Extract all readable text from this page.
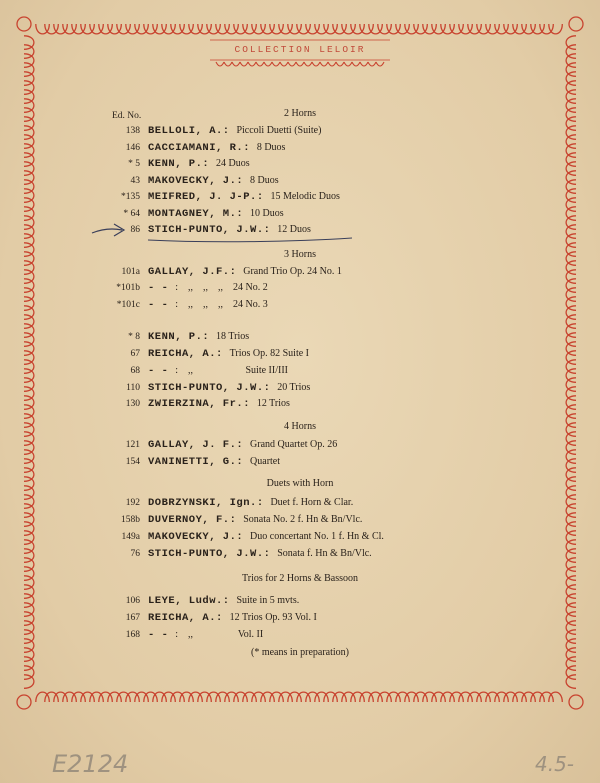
COLLECTION LELOIR
Ed. No.	2 Horns
138 BELLOLI, A.: Piccoli Duetti (Suite)
146 CACCIAMANI, R.: 8 Duos
* 5 KENN, P.: 24 Duos
43 MAKOVECKY, J.: 8 Duos
*135 MEIFRED, J. J-P.: 15 Melodic Duos
* 64 MONTAGNEY, M.: 10 Duos
86 STICH-PUNTO, J.W.: 12 Duos
3 Horns
101a GALLAY, J.F.: Grand Trio Op. 24 No. 1
*101b - - :    ,,    ,,    ,,    24 No. 2
*101c - - :    ,,    ,,    ,,    24 No. 3
* 8 KENN, P.: 18 Trios
67 REICHA, A.: Trios Op. 82 Suite I
68 - - :    ,,                     Suite II/III
110 STICH-PUNTO, J.W.: 20 Trios
130 ZWIERZINA, Fr.: 12 Trios
4 Horns
121 GALLAY, J. F.: Grand Quartet Op. 26
154 VANINETTI, G.: Quartet
Duets with Horn
192 DOBRZYNSKI, Ign.: Duet f. Horn & Clar.
158b DUVERNOY, F.: Sonata No. 2 f. Hn & Bn/Vlc.
149a MAKOVECKY, J.: Duo concertant No. 1 f. Hn & Cl.
76 STICH-PUNTO, J.W.: Sonata f. Hn & Bn/Vlc.
Trios for 2 Horns & Bassoon
106 LEYE, Ludw.: Suite in 5 mvts.
167 REICHA, A.: 12 Trios Op. 93 Vol. I
168 - - :    ,,                  Vol. II
(* means in preparation)
E2124	4.5-
